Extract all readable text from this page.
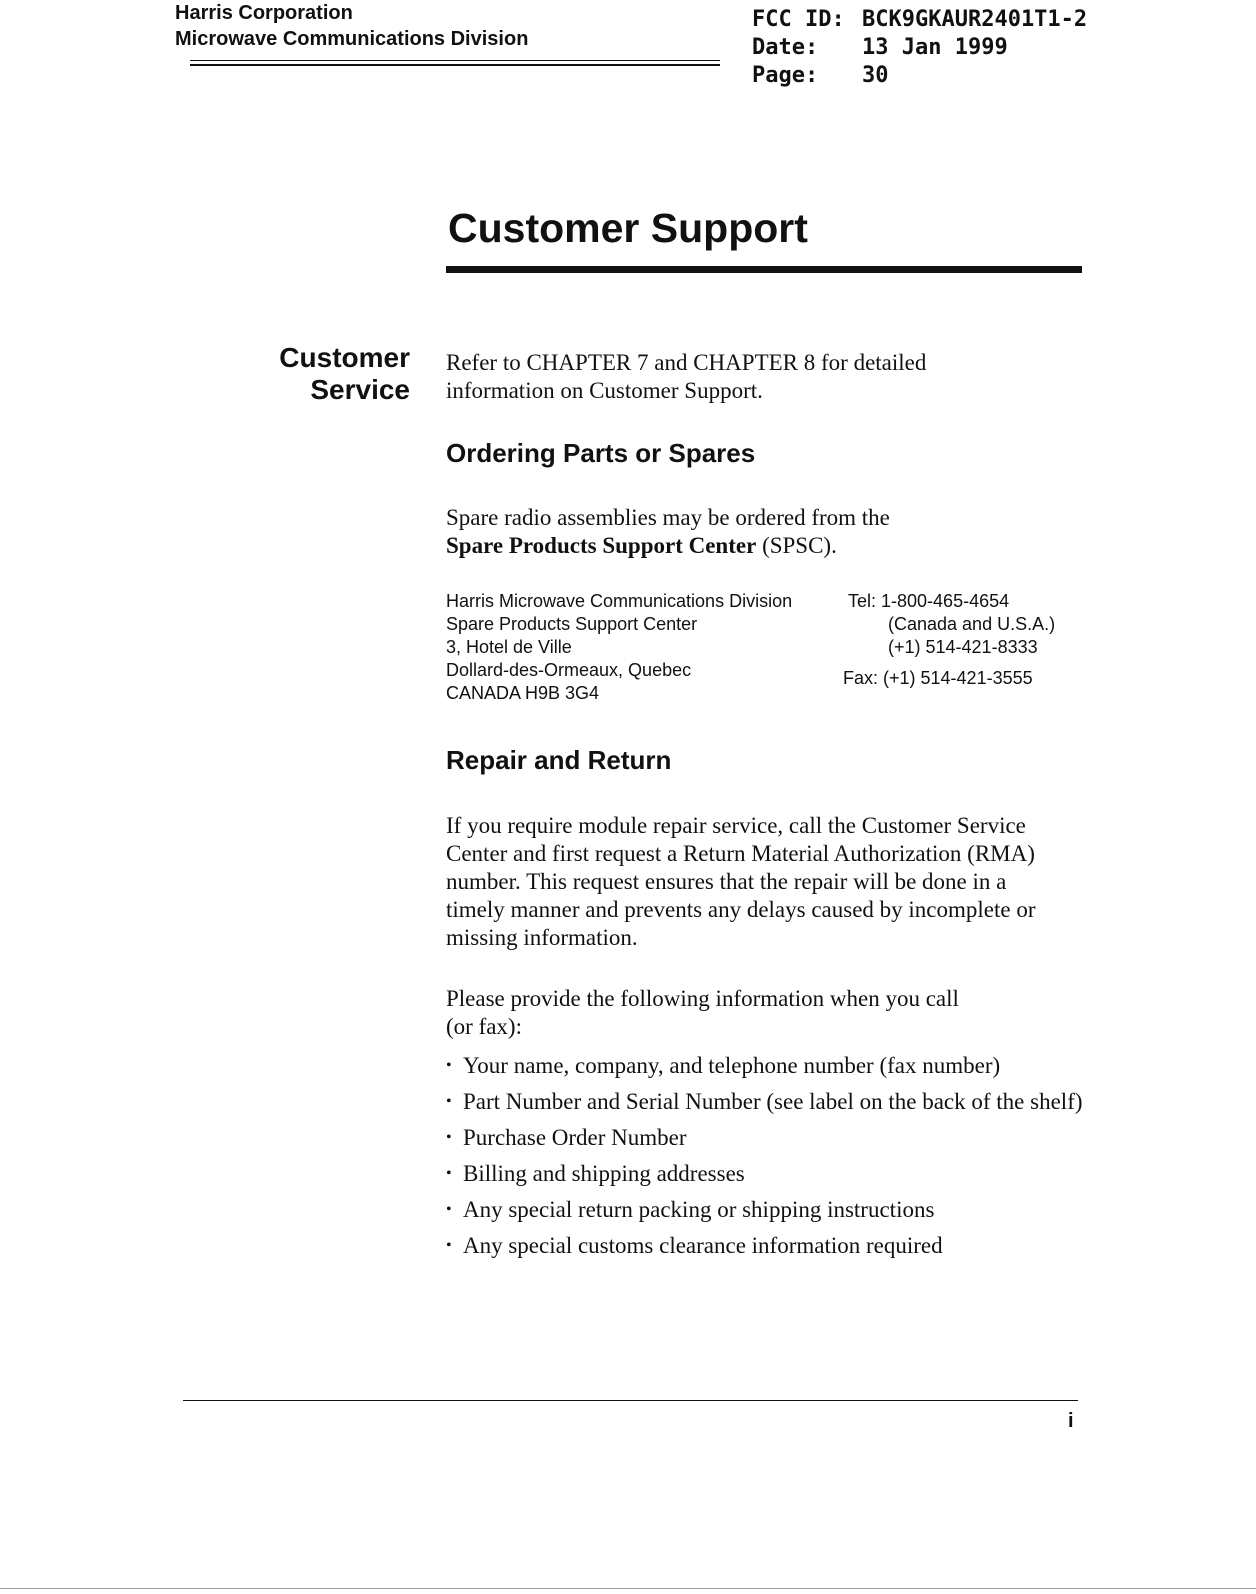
Harris Corporation
Microwave Communications Division
FCC ID: BCK9GKAUR2401T1-2
Date:	13 Jan 1999
Page:	30
Customer Support
Customer
Service
Refer to CHAPTER 7 and CHAPTER 8 for detailed
information on Customer Support.
Ordering Parts or Spares
Spare radio assemblies may be ordered from the
Spare Products Support Center (SPSC).
Harris Microwave Communications Division
Spare Products Support Center
3, Hotel de Ville
Dollard-des-Ormeaux, Quebec
CANADA H9B 3G4
Tel: 1-800-465-4654
(Canada and U.S.A.)
(+1) 514-421-8333
Fax: (+1) 514-421-3555
Repair and Return
If you require module repair service, call the Customer Service
Center and first request a Return Material Authorization (RMA)
number. This request ensures that the repair will be done in a
timely manner and prevents any delays caused by incomplete or
missing information.
Please provide the following information when you call
(or fax):
• Your name, company, and telephone number (fax number)
• Part Number and Serial Number (see label on the back of the shelf)
• Purchase Order Number
• Billing and shipping addresses
• Any special return packing or shipping instructions
• Any special customs clearance information required
i
